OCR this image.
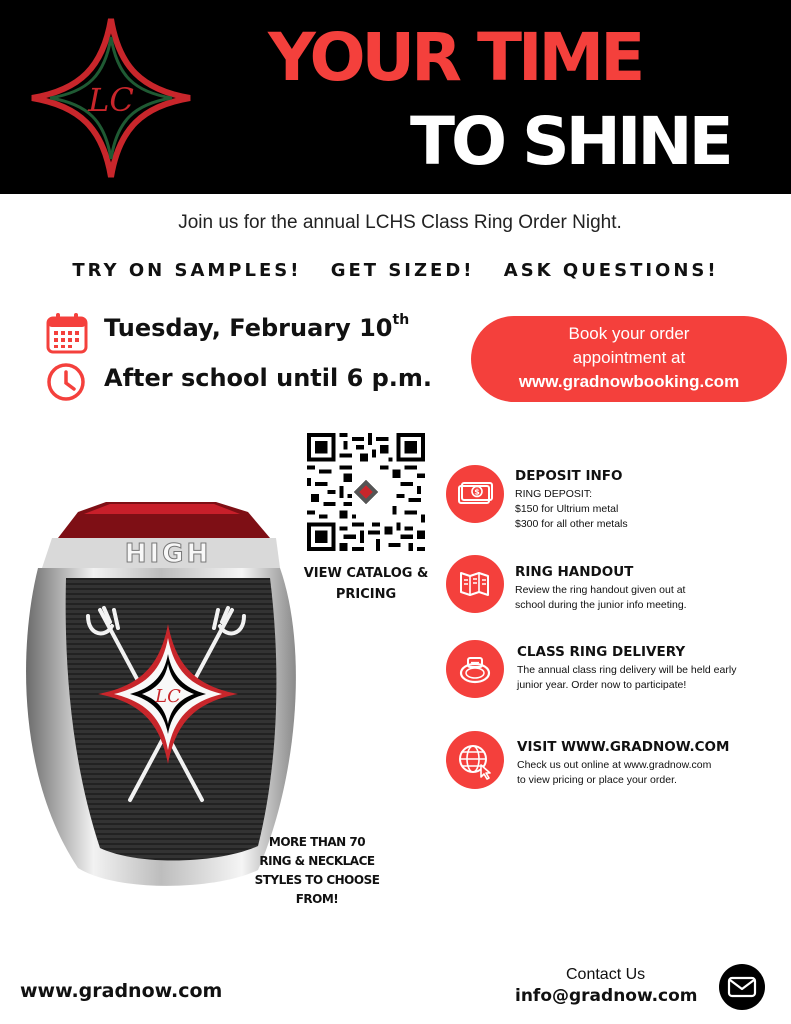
LC
YOUR TIME
TO SHINE
Join us for the annual LCHS Class Ring Order Night.
TRY ON SAMPLES! GET SIZED! ASK QUESTIONS!
Tuesday, February 10th
After school until 6 p.m.
Book your order
appointment at
www.gradnowbooking.com
VIEW CATALOG &
PRICING
$
DEPOSIT INFO
RING DEPOSIT:
$150 for Ultrium metal
$300 for all other metals
RING HANDOUT
Review the ring handout given out at
school during the junior info meeting.
CLASS RING DELIVERY
The annual class ring delivery will be held early
junior year. Order now to participate!
VISIT WWW.GRADNOW.COM
Check us out online at www.gradnow.com
to view pricing or place your order.
HIGH
LC
MORE THAN 70
RING & NECKLACE
STYLES TO CHOOSE
FROM!
www.gradnow.com
Contact Us
info@gradnow.com
